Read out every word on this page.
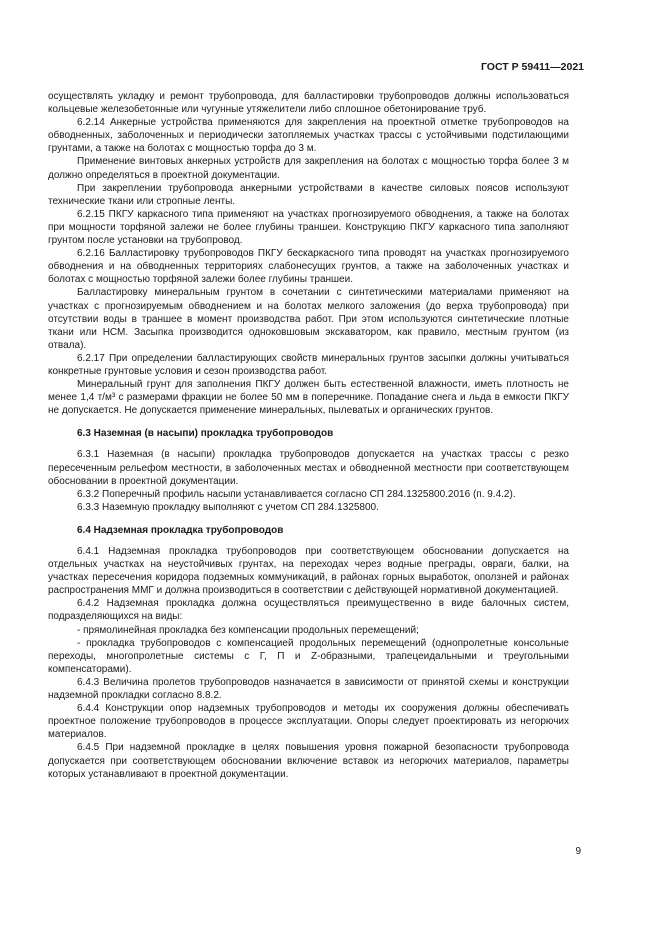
ГОСТ Р 59411—2021

осуществлять укладку и ремонт трубопровода, для балластировки трубопроводов должны использоваться кольцевые железобетонные или чугунные утяжелители либо сплошное обетонирование труб.

6.2.14 Анкерные устройства применяются для закрепления на проектной отметке трубопроводов на обводненных, заболоченных и периодически затопляемых участках трассы с устойчивыми подстилающими грунтами, а также на болотах с мощностью торфа до 3 м.

Применение винтовых анкерных устройств для закрепления на болотах с мощностью торфа более 3 м должно определяться в проектной документации.

При закреплении трубопровода анкерными устройствами в качестве силовых поясов используют технические ткани или стропные ленты.

6.2.15 ПКГУ каркасного типа применяют на участках прогнозируемого обводнения, а также на болотах при мощности торфяной залежи не более глубины траншеи. Конструкцию ПКГУ каркасного типа заполняют грунтом после установки на трубопровод.

6.2.16 Балластировку трубопроводов ПКГУ бескаркасного типа проводят на участках прогнозируемого обводнения и на обводненных территориях слабонесущих грунтов, а также на заболоченных участках и болотах с мощностью торфяной залежи более глубины траншеи.

Балластировку минеральным грунтом в сочетании с синтетическими материалами применяют на участках с прогнозируемым обводнением и на болотах мелкого заложения (до верха трубопровода) при отсутствии воды в траншее в момент производства работ. При этом используются синтетические плотные ткани или НСМ. Засыпка производится одноковшовым экскаватором, как правило, местным грунтом (из отвала).

6.2.17 При определении балластирующих свойств минеральных грунтов засыпки должны учитываться конкретные грунтовые условия и сезон производства работ.

Минеральный грунт для заполнения ПКГУ должен быть естественной влажности, иметь плотность не менее 1,4 т/м³ с размерами фракции не более 50 мм в поперечнике. Попадание снега и льда в емкости ПКГУ не допускается. Не допускается применение минеральных, пылеватых и органических грунтов.

6.3 Наземная (в насыпи) прокладка трубопроводов

6.3.1 Наземная (в насыпи) прокладка трубопроводов допускается на участках трассы с резко пересеченным рельефом местности, в заболоченных местах и обводненной местности при соответствующем обосновании в проектной документации.

6.3.2 Поперечный профиль насыпи устанавливается согласно СП 284.1325800.2016 (п. 9.4.2).

6.3.3 Наземную прокладку выполняют с учетом СП 284.1325800.

6.4 Надземная прокладка трубопроводов

6.4.1 Надземная прокладка трубопроводов при соответствующем обосновании допускается на отдельных участках на неустойчивых грунтах, на переходах через водные преграды, овраги, балки, на участках пересечения коридора подземных коммуникаций, в районах горных выработок, оползней и районах распространения ММГ и должна производиться в соответствии с действующей нормативной документацией.

6.4.2 Надземная прокладка должна осуществляться преимущественно в виде балочных систем, подразделяющихся на виды:

- прямолинейная прокладка без компенсации продольных перемещений;

- прокладка трубопроводов с компенсацией продольных перемещений (однопролетные консольные переходы, многопролетные системы с Г, П и Z-образными, трапецеидальными и треугольными компенсаторами).

6.4.3 Величина пролетов трубопроводов назначается в зависимости от принятой схемы и конструкции надземной прокладки согласно 8.8.2.

6.4.4 Конструкции опор надземных трубопроводов и методы их сооружения должны обеспечивать проектное положение трубопроводов в процессе эксплуатации. Опоры следует проектировать из негорючих материалов.

6.4.5 При надземной прокладке в целях повышения уровня пожарной безопасности трубопровода допускается при соответствующем обосновании включение вставок из негорючих материалов, параметры которых устанавливают в проектной документации.

9
